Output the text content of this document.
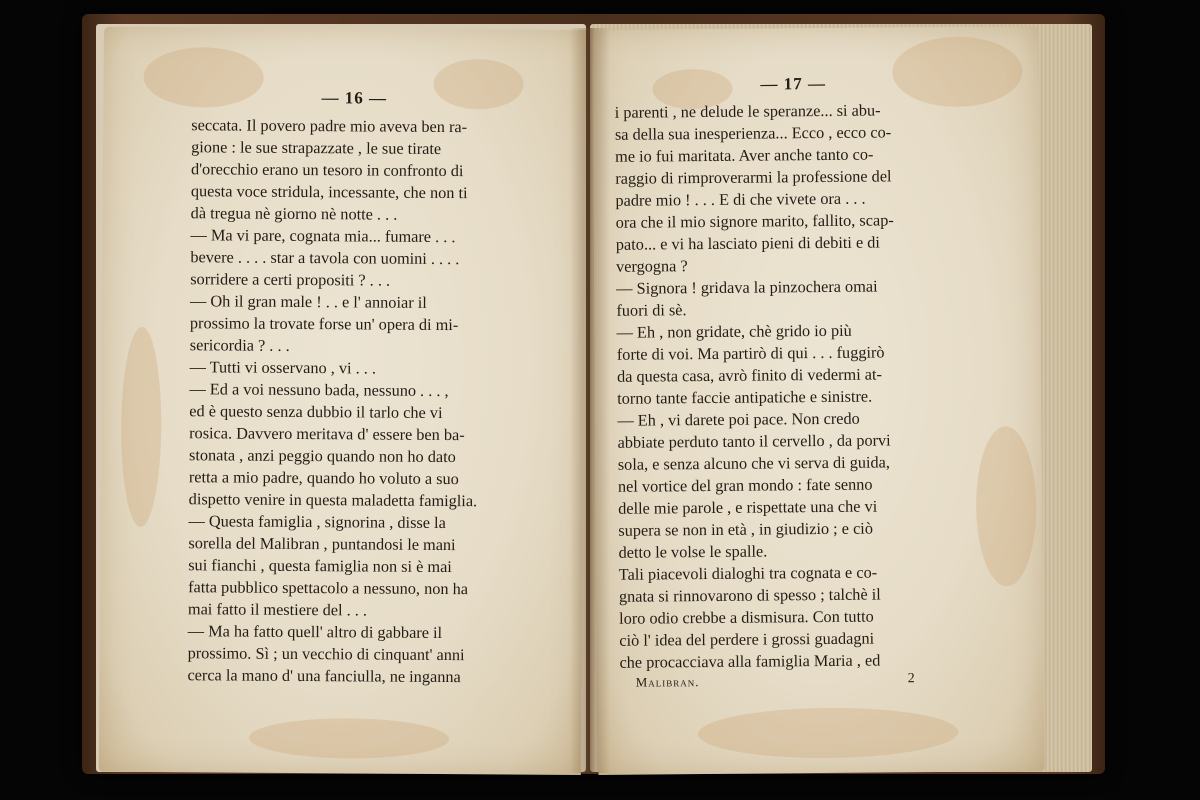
— 16 —
seccata. Il povero padre mio aveva ben ra-
gione : le sue strapazzate , le sue tirate
d'orecchio erano un tesoro in confronto di
questa voce stridula, incessante, che non ti
dà tregua nè giorno nè notte . . .
— Ma vi pare, cognata mia... fumare . . .
bevere . . . . star a tavola con uomini . . . .
sorridere a certi propositi ? . . .
— Oh il gran male ! . . e l' annoiar il
prossimo la trovate forse un' opera di mi-
sericordia ? . . .
— Tutti vi osservano , vi . . .
— Ed a voi nessuno bada, nessuno . . . ,
ed è questo senza dubbio il tarlo che vi
rosica. Davvero meritava d' essere ben ba-
stonata , anzi peggio quando non ho dato
retta a mio padre, quando ho voluto a suo
dispetto venire in questa maladetta famiglia.
— Questa famiglia , signorina , disse la
sorella del Malibran , puntandosi le mani
sui fianchi , questa famiglia non si è mai
fatta pubblico spettacolo a nessuno, non ha
mai fatto il mestiere del . . .
— Ma ha fatto quell' altro di gabbare il
prossimo. Sì ; un vecchio di cinquant' anni
cerca la mano d' una fanciulla, ne inganna
— 17 —
i parenti , ne delude le speranze... si abu-
sa della sua inesperienza... Ecco , ecco co-
me io fui maritata. Aver anche tanto co-
raggio di rimproverarmi la professione del
padre mio ! . . . E di che vivete ora . . .
ora che il mio signore marito, fallito, scap-
pato... e vi ha lasciato pieni di debiti e di
vergogna ?
— Signora ! gridava la pinzochera omai
fuori di sè.
— Eh , non gridate, chè grido io più
forte di voi. Ma partirò di qui . . . fuggirò
da questa casa, avrò finito di vedermi at-
torno tante faccie antipatiche e sinistre.
— Eh , vi darete poi pace. Non credo
abbiate perduto tanto il cervello , da porvi
sola, e senza alcuno che vi serva di guida,
nel vortice del gran mondo : fate senno
delle mie parole , e rispettate una che vi
supera se non in età , in giudizio ; e ciò
detto le volse le spalle.
Tali piacevoli dialoghi tra cognata e co-
gnata si rinnovarono di spesso ; talchè il
loro odio crebbe a dismisura. Con tutto
ciò l' idea del perdere i grossi guadagni
che procacciava alla famiglia Maria , ed
Malibran.	2
